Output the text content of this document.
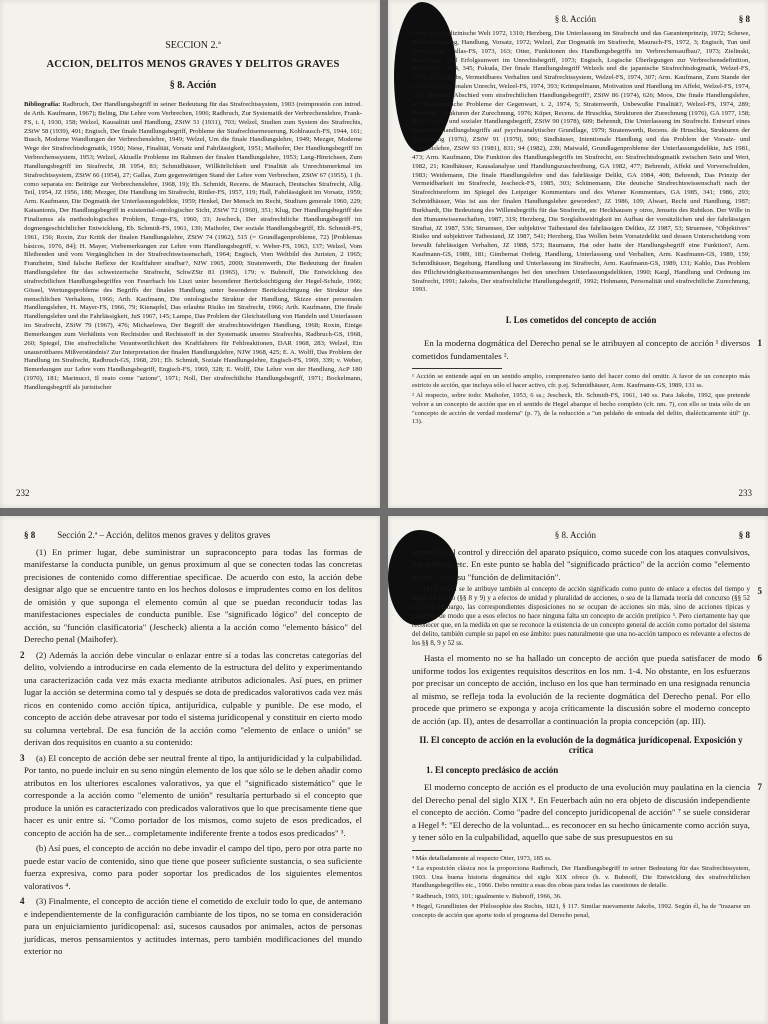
SECCION 2.ª
ACCION, DELITOS MENOS GRAVES Y DELITOS GRAVES
§ 8. Acción
Bibliografía: Radbruch, Der Handlungsbegriff in seiner Bedeutung für das Strafrechtssystem, 1903 (reimpresión con introd. de Arth. Kaufmann, 1967); Beling, Die Lehre vom Verbrechen, 1906; Radbruch, Zur Systematik der Verbrechenslehre, Frank-FS, t. I, 1930, 158; Welzel, Kausalität und Handlung, ZStW 51 (1931), 703; Welzel, Studien zum System des Strafrechts, ZStW 58 (1939), 491; Engisch, Der finale Handlungsbegriff, Probleme der Strafrechtserneuerung, Kohlrausch-FS, 1944, 161; Busch, Moderne Wandlungen der Verbrechenslehre, 1949; Welzel, Um die finale Handlungslehre, 1949; Mezger, Moderne Wege der Strafrechtsdogmatik, 1950; Niese, Finalität, Vorsatz und Fahrlässigkeit, 1951; Maihofer, Der Handlungsbegriff im Verbrechenssystem, 1953; Welzel, Aktuelle Probleme im Rahmen der finalen Handlungslehre, 1953; Lang-Hinrichsen, Zum Handlungsbegriff im Strafrecht, JR 1954, 83; Schmidhäuser, Willkürlichkeit und Finalität als Unrechtsmerkmal im Strafrechtssystem, ZStW 66 (1954), 27; Gallas, Zum gegenwärtigen Stand der Lehre vom Verbrechen, ZStW 67 (1955), 1 (h. como separata en: Beiträge zur Verbrechenslehre, 1968, 19); Eb. Schmidt, Recens. de Maurach, Deutsches Strafrecht, Allg. Teil, 1954, JZ 1956, 188; Mezger, Die Handlung im Strafrecht, Rittler-FS, 1957, 119; Hall, Fahrlässigkeit im Vorsatz, 1959; Arm. Kaufmann, Die Dogmatik der Unterlassungsdelikte, 1959; Henkel, Der Mensch im Recht, Studium generale 1960, 229; Katsantonis, Der Handlungsbegriff in existential-ontologischer Sicht, ZStW 72 (1960), 351; Klug, Der Handlungsbegriff des Finalismus als methodologisches Problem, Emge-FS, 1960, 33; Jescheck, Der strafrechtliche Handlungsbegriff im dogmengeschichtlicher Entwicklung, Eb. Schmidt-FS, 1961, 139; Maihofer, Der soziale Handlungsbegriff, Eb. Schmidt-FS, 1961, 156; Roxin, Zur Kritik der finalen Handlungslehre, ZStW 74 (1962), 515 (= Grundlagenprobleme, 72) [Problemas básicos, 1976, 84]; H. Mayer, Vorbemerkungen zur Lehre vom Handlungsbegriff, v. Weber-FS, 1963, 137; Welzel, Vom Bleibenden und vom Vergänglichen in der Strafrechtswissenschaft, 1964; Engisch, Vom Weltbild des Juristen, 2 1965; Franzheim, Sind falsche Reflexe der Kraftfahrer strafbar?, NJW 1965, 2000; Stratenwerth, Die Bedeutung der finalen Handlungslehre für das schweizerische Strafrecht, SchwZStr 81 (1965), 179; v. Bubnoff, Die Entwicklung des strafrechtlichen Handlungsbegriffes von Feuerbach bis Liszt unter besonderer Berücksichtigung der Hegel-Schule, 1966; Gössel, Wertungsprobleme des Begriffs der finalen Handlung unter besonderer Berücksichtigung der Struktur des menschlichen Verhaltens, 1966; Arth. Kaufmann, Die ontologische Struktur der Handlung, Skizze einer personalen Handlungslehre, H. Mayer-FS, 1966, 79; Kienapfel, Das erlaubte Risiko im Strafrecht, 1966; Arth. Kaufmann, Die finale Handlungslehre und die Fahrlässigkeit, JuS 1967, 145; Lampe, Das Problem der Gleichstellung von Handeln und Unterlassen im Strafrecht, ZStW 79 (1967), 476; Michaelowa, Der Begriff der strafrechtswidrigen Handlung, 1968; Roxin, Einige Bemerkungen zum Verhältnis von Rechtsidee und Rechtsstoff in der Systematik unseres Strafrechts, Radbruch-GS, 1968, 260; Spiegel, Die strafrechtliche Verantwortlichkeit des Kraftfahrers für Fehlreaktionen, DAR 1968, 283; Welzel, Ein unausrottbares Mißverständnis? Zur Interpretation der finalen Handlungslehre, NJW 1968, 425; E. A. Wolff, Das Problem der Handlung im Strafrecht, Radbruch-GS, 1968, 291; Eb. Schmidt, Soziale Handlungslehre, Engisch-FS, 1969, 339; v. Weber, Bemerkungen zur Lehre vom Handlungsbegriff, Engisch-FS, 1969, 328; E. Wolff, Die Lehre von der Handlung, AcP 180 (1970), 181; Marinucci, Il reato come "azione", 1971; Noll, Der strafrechtliche Handlungsbegriff, 1971; Bockelmann, Handlungsbegriff als juristischer
232
§ 8. Acción	§ 8
Sicht, Die medizinische Welt 1972, 1310; Herzberg, Die Unterlassung im Strafrecht und das Garantenprinzip, 1972; Schewe, Reflexbewegung, Handlung, Vorsatz, 1972; Welzel, Zur Dogmatik im Strafrecht, Maurach-FS, 1972, 3; Engisch, Tun und Unterlassen, Gallas-FS, 1973, 163; Otter, Funktionen des Handlungsbegriffs im Verbrechensaufbau?, 1973; Zielinski, Handlungs- und Erfolgsunwert im Unrechtsbegriff, 1973; Engisch, Logische Überlegungen zur Verbrechensdefinition, Welzel-FS, 1974, 345; Fukuda, Der finale Handlungsbegriff Welzels und die japanische Strafrechtsdogmatik, Welzel-FS, 1974, 251; Jakobs, Vermeidbares Verhalten und Strafrechtssystem, Welzel-FS, 1974, 307; Arm. Kaufmann, Zum Stande der Lehre vom personalen Unrecht, Welzel-FS, 1974, 393; Krümpelmann, Motivation und Handlung im Affekt, Welzel-FS, 1974, 327; Maiwald, Abschied vom strafrechtlichen Handlungsbegriff?, ZStW 86 (1974), 626; Moos, Die finale Handlungslehre, en: Strafrechtliche Probleme der Gegenwart, t. 2, 1974, 5; Stratenwerth, Unbewußte Finalität?, Welzel-FS, 1974, 289; Hruschka, Strukturen der Zurechnung, 1976; Küper, Recens. de Hruschka, Strukturen der Zurechnung (1976), GA 1977, 158; Bloy, Finaler und sozialer Handlungsbegriff, ZStW 90 (1978), 609; Behrendt, Die Unterlassung im Strafrecht. Entwurf eines negativen Handlungsbegriffs auf psychoanalytischer Grundlage, 1979; Stratenwerth, Recens. de Hruschka, Strukturen der Zurechnung (1976), ZStW 91 (1979), 906; Sindhäuser, Intentionale Handlung und das Problem der Vorsatz- und Unrechtslehre, ZStW 93 (1981), 831; 94 (1982), 239; Maiwald, Grundlagenprobleme der Unterlassungsdelikte, JuS 1981, 473; Arm. Kaufmann, Die Funktion des Handlungsbegriffs im Strafrecht, en: Strafrechtsdogmatik zwischen Sein und Wert, 1982, 21; Kindhäuser, Kausalanalyse und Handlungszuschreibung, GA 1982, 477; Behrendt, Affekt und Vorverschulden, 1983; Weidemann, Die finale Handlungslehre und das fahrlässige Delikt, GA 1984, 408; Behrendt, Das Prinzip der Vermeidbarkeit im Strafrecht, Jescheck-FS, 1985, 303; Schünemann, Die deutsche Strafrechtswissenschaft nach der Strafrechtsreform im Spiegel des Leipziger Kommentars und des Wiener Kommentars, GA 1985, 341; 1986, 293; Schmidhäuser, Was ist aus der finalen Handlungslehre geworden?, JZ 1986, 109; Alwart, Recht und Handlung, 1987; Burkhardt, Die Bedeutung des Willensbegriffs für das Strafrecht, en: Heckhausen y otros, Jenseits des Rubikon. Der Wille in den Humanwissenschaften, 1987, 319; Herzberg, Die Sorgfaltswidrigkeit im Aufbau der vorsätzlichen und der fahrlässigen Straftat, JZ 1987, 536; Struensee, Der subjektive Tatbestand des fahrlässigen Delikts, JZ 1987, 53; Struensee, "Objektives" Risiko und subjektiver Tatbestand, JZ 1987, 541; Herzberg, Das Wollen beim Vorsatzdelikt und dessen Unterscheidung vom bewußt fahrlässigen Verhalten, JZ 1988, 573; Baumann, Hat oder hatte der Handlungsbegriff eine Funktion?, Arm. Kaufmann-GS, 1989, 181; Gimbernat Ordeig, Handlung, Unterlassung und Verhalten, Arm. Kaufmann-GS, 1989, 159; Schmidhäuser, Begehung, Handlung und Unterlassung im Strafrecht, Arm. Kaufmann-GS, 1989, 131; Kahlo, Das Problem des Pflichtwidrigkeitszusammenhanges bei den unechten Unterlassungsdelikten, 1990; Kargl, Handlung und Ordnung im Strafrecht, 1991; Jakobs, Der strafrechtliche Handlungsbegriff, 1992; Hohmann, Personalität und strafrechtliche Zurechnung, 1993.
I. Los cometidos del concepto de acción
1

En la moderna dogmática del Derecho penal se le atribuyen al concepto de acción ¹ diversos cometidos fundamentales ².

¹ Acción se entiende aquí en un sentido amplio, comprensivo tanto del hacer como del omitir. A favor de un concepto más estricto de acción, que incluya sólo el hacer activo, cfr. p.ej. Schmidhäuser, Arm. Kaufmann-GS, 1989, 131 ss.

² Al respecto, sobre todo: Maihofer, 1953, 6 ss.; Jescheck, Eb. Schmidt-FS, 1961, 140 ss. Para Jakobs, 1992, que pretende volver a un concepto de acción que en el sentido de Hegel abarque el hecho completo (cfr. nm. 7), con ello se trata sólo de un "concepto de acción de verdad moderna" (p. 7), de la reducción a "un peldaño de entrada del delito, dialécticamente útil" (p. 13).

233
§ 8 Sección 2.ª – Acción, delitos menos graves y delitos graves

(1) En primer lugar, debe suministrar un supraconcepto para todas las formas de manifestarse la conducta punible, un genus proximum al que se conecten todas las concretas precisiones de contenido como differentiae specificae. De acuerdo con esto, la acción debe designar algo que se encuentre tanto en los hechos dolosos e imprudentes como en los delitos de omisión y que suponga el elemento común al que se puedan reconducir todas las manifestaciones especiales de conducta punible. Ese "significado lógico" del concepto de acción, su "función clasificatoria" (Jescheck) alienta a la acción como "elemento básico" del Derecho penal (Maihofer).

2 (2) Además la acción debe vincular o enlazar entre sí a todas las concretas categorías del delito, volviendo a introducirse en cada elemento de la estructura del delito y experimentando una caracterización cada vez más exacta mediante atributos adicionales. Así pues, en primer lugar la acción se determina como tal y después se dota de predicados valorativos cada vez más ricos en contenido como acción típica, antijurídica, culpable y punible. De ese modo, el concepto de acción debe atravesar por todo el sistema jurídicopenal y constituir en cierto modo su columna vertebral. De esa función de la acción como "elemento de enlace o unión" se derivan dos requisitos en cuanto a su contenido:

3 (a) El concepto de acción debe ser neutral frente al tipo, la antijuridicidad y la culpabilidad. Por tanto, no puede incluir en su seno ningún elemento de los que sólo se le deben añadir como atributos en los ulteriores escalones valorativos, ya que el "significado sistemático" que le corresponde a la acción como "elemento de unión" resultaría perturbado si el concepto que produce la unión es caracterizado con predicados valorativos que lo que precisamente tiene que hacer es unir entre sí. "Como portador de los mismos, como sujeto de esos predicados, el concepto de acción ha de ser... completamente indiferente frente a todos esos predicados" ³.

(b) Así pues, el concepto de acción no debe invadir el campo del tipo, pero por otra parte no puede estar vacío de contenido, sino que tiene que poseer suficiente sustancia, o sea suficiente fuerza expresiva, como para poder soportar los predicados de los siguientes elementos valorativos ⁴.

4 (3) Finalmente, el concepto de acción tiene el cometido de excluir todo lo que, de antemano e independientemente de la configuración cambiante de los tipos, no se toma en consideración para un enjuiciamiento jurídicopenal: así, sucesos causados por animales, actos de personas jurídicas, meros pensamientos y actitudes internas, pero también modificaciones del mundo exterior no

§ 8. Acción	§ 8

sometidas al control y dirección del aparato psíquico, como sucede con los ataques convulsivos, los delirios, etc. En este punto se habla del "significado práctico" de la acción como "elemento límite", o de su "función de delimitación".

5

(4) A veces se le atribuye también al concepto de acción significado como punto de enlace a efectos del tiempo y lugar del hecho (§§ 8 y 9) y a efectos de unidad y pluralidad de acciones, o sea de la llamada teoría del concurso (§§ 52 ss.). Sin embargo, las correspondientes disposiciones no se ocupan de acciones sin más, sino de acciones típicas y punibles, de modo que a esos efectos no hace ninguna falta un concepto de acción pretípico ⁵. Pero ciertamente hay que reconocer que, en la medida en que se reconoce la existencia de un concepto general de acción como portador del sistema del delito, también cumple su papel en ese ámbito: pues naturalmente que una no-acción tampoco es relevante a efectos de los §§ 8, 9 y 52 ss.

6

Hasta el momento no se ha hallado un concepto de acción que pueda satisfacer de modo uniforme todos los exigentes requisitos descritos en los nm. 1-4. No obstante, en los esfuerzos por precisar un concepto de acción, incluso en los que han terminado en una resignada renuncia al mismo, se refleja toda la evolución de la reciente dogmática del Derecho penal. Por ello procede que primero se exponga y acoja críticamente la discusión sobre el moderno concepto de acción (ap. II), antes de desarrollar a continuación la propia concepción (ap. III).

II. El concepto de acción en la evolución de la dogmática jurídicopenal. Exposición y crítica
1. El concepto preclásico de acción
7

El moderno concepto de acción es el producto de una evolución muy paulatina en la ciencia del Derecho penal del siglo XIX ⁶. En Feuerbach aún no era objeto de discusión independiente el concepto de acción. Como "padre del concepto jurídicopenal de acción" ⁷ se suele considerar a Hegel ⁸: "El derecho de la voluntad... es reconocer en su hecho únicamente como acción suya, y tener sólo en la culpabilidad, aquello que sabe de sus presupuestos en su

³ Más detalladamente al respecto Otter, 1973, 185 ss.

⁴ La exposición clásica nos la proporciona Radbruch, Der Handlungsbegriff in seiner Bedeutung für das Strafrechtssystem, 1903. Una buena historia dogmática del siglo XIX ofrece (h. v. Bubnoff, Die Entwicklung des strafrechtlichen Handlungsbegriffes etc., 1966. Debo remitir a esas dos obras para todas las cuestiones de detalle.

⁷ Radbruch, 1903, 101; igualmente v. Bubnoff, 1966, 36.

⁸ Hegel, Grundlinien der Philosophie des Rechts, 1821, § 117. Similar nuevamente Jakobs, 1992. Según él, ha de "trazarse un concepto de acción que aporte todo el programa del Derecho penal,
